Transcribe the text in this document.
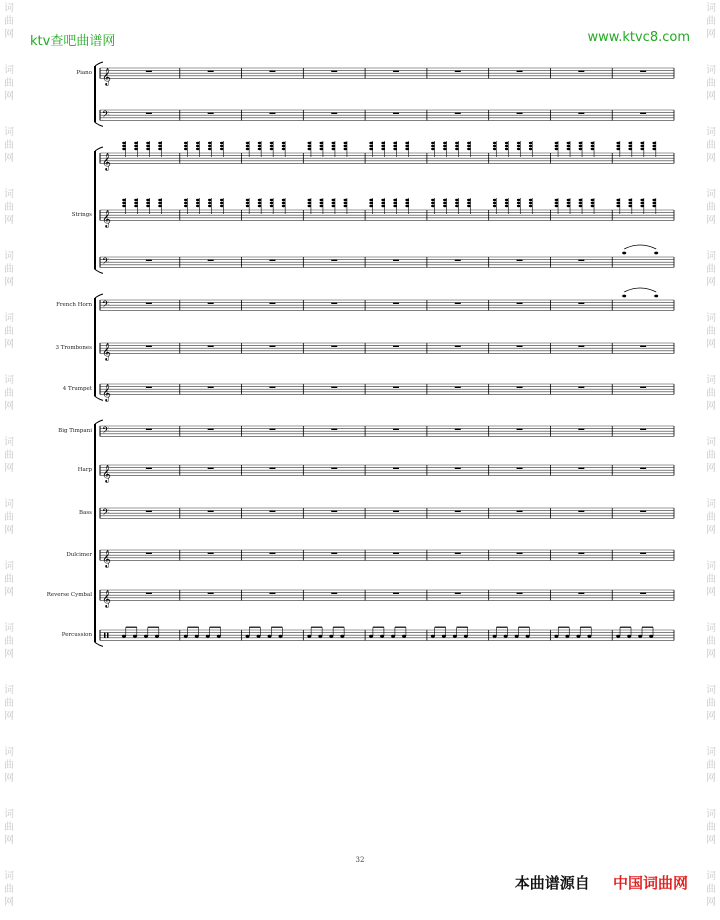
词
曲
网
词
曲
网
词
曲
网
词
曲
网
词
曲
网
词
曲
网
词
曲
网
词
曲
网
词
曲
网
词
曲
网
词
曲
网
词
曲
网
词
曲
网
词
曲
网
词
曲
网
词
曲
网
词
曲
网
词
曲
网
词
曲
网
词
曲
网
词
曲
网
词
曲
网
词
曲
网
词
曲
网
词
曲
网
词
曲
网
词
曲
网
词
曲
网
词
曲
网
词
曲
网
ktv查吧曲谱网	www.ktvc8.com
𝄞
𝄢
𝄞
𝄞
𝄢
𝄢
𝄞
𝄞
𝄢
𝄞
𝄢
𝄞
𝄞
Piano
Strings
French Horn
3 Trombones
4 Trumpet
Big Timpani
Harp
Bass
Dulcimer
Reverse Cymbal
Percussion
32
本曲谱源自 中国词曲网
